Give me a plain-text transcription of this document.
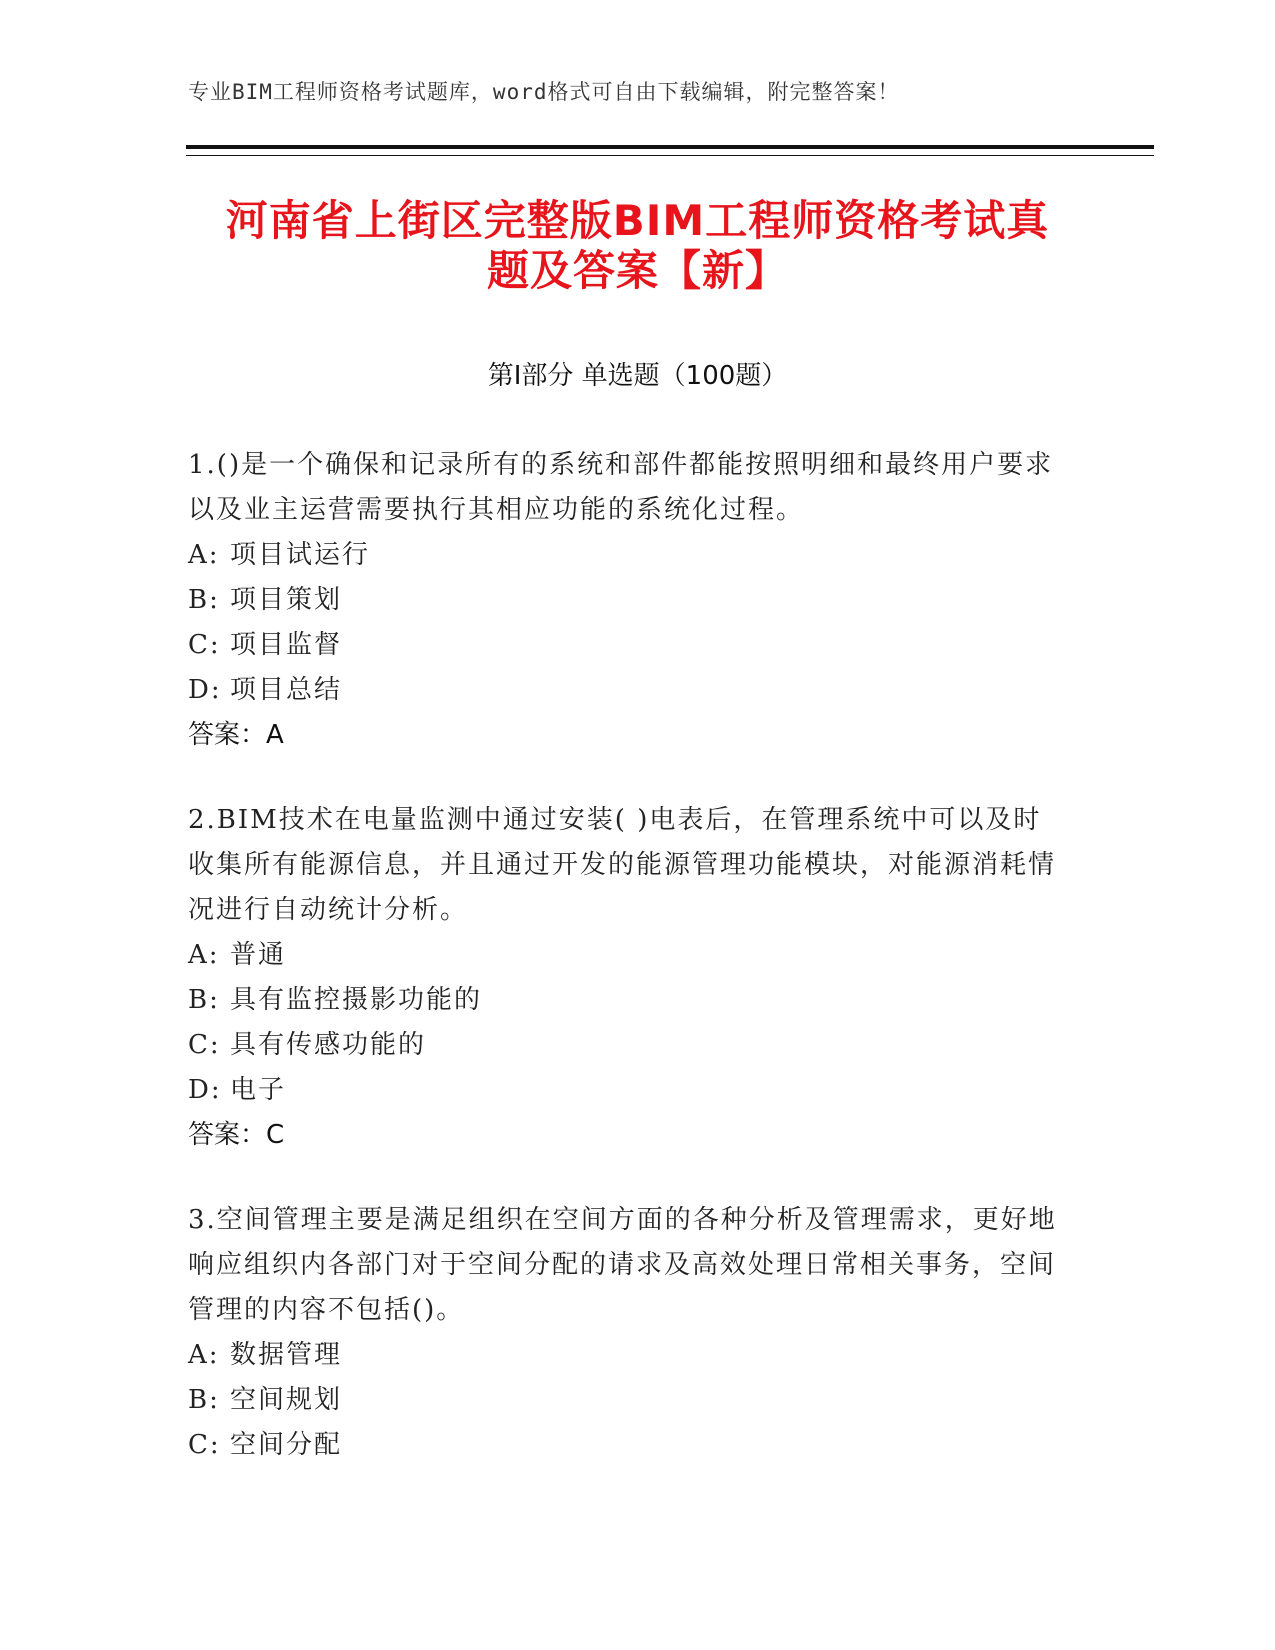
专业BIM工程师资格考试题库，word格式可自由下载编辑，附完整答案！
河南省上街区完整版BIM工程师资格考试真
题及答案【新】
第Ⅰ部分 单选题（100题）

1.()是一个确保和记录所有的系统和部件都能按照明细和最终用户要求以及业主运营需要执行其相应功能的系统化过程。

A: 项目试运行

B: 项目策划

C: 项目监督

D: 项目总结

答案：A

2.BIM技术在电量监测中通过安装( )电表后，在管理系统中可以及时收集所有能源信息，并且通过开发的能源管理功能模块，对能源消耗情况进行自动统计分析。

A: 普通

B: 具有监控摄影功能的

C: 具有传感功能的

D: 电子

答案：C

3.空间管理主要是满足组织在空间方面的各种分析及管理需求，更好地响应组织内各部门对于空间分配的请求及高效处理日常相关事务，空间管理的内容不包括()。

A: 数据管理

B: 空间规划

C: 空间分配
